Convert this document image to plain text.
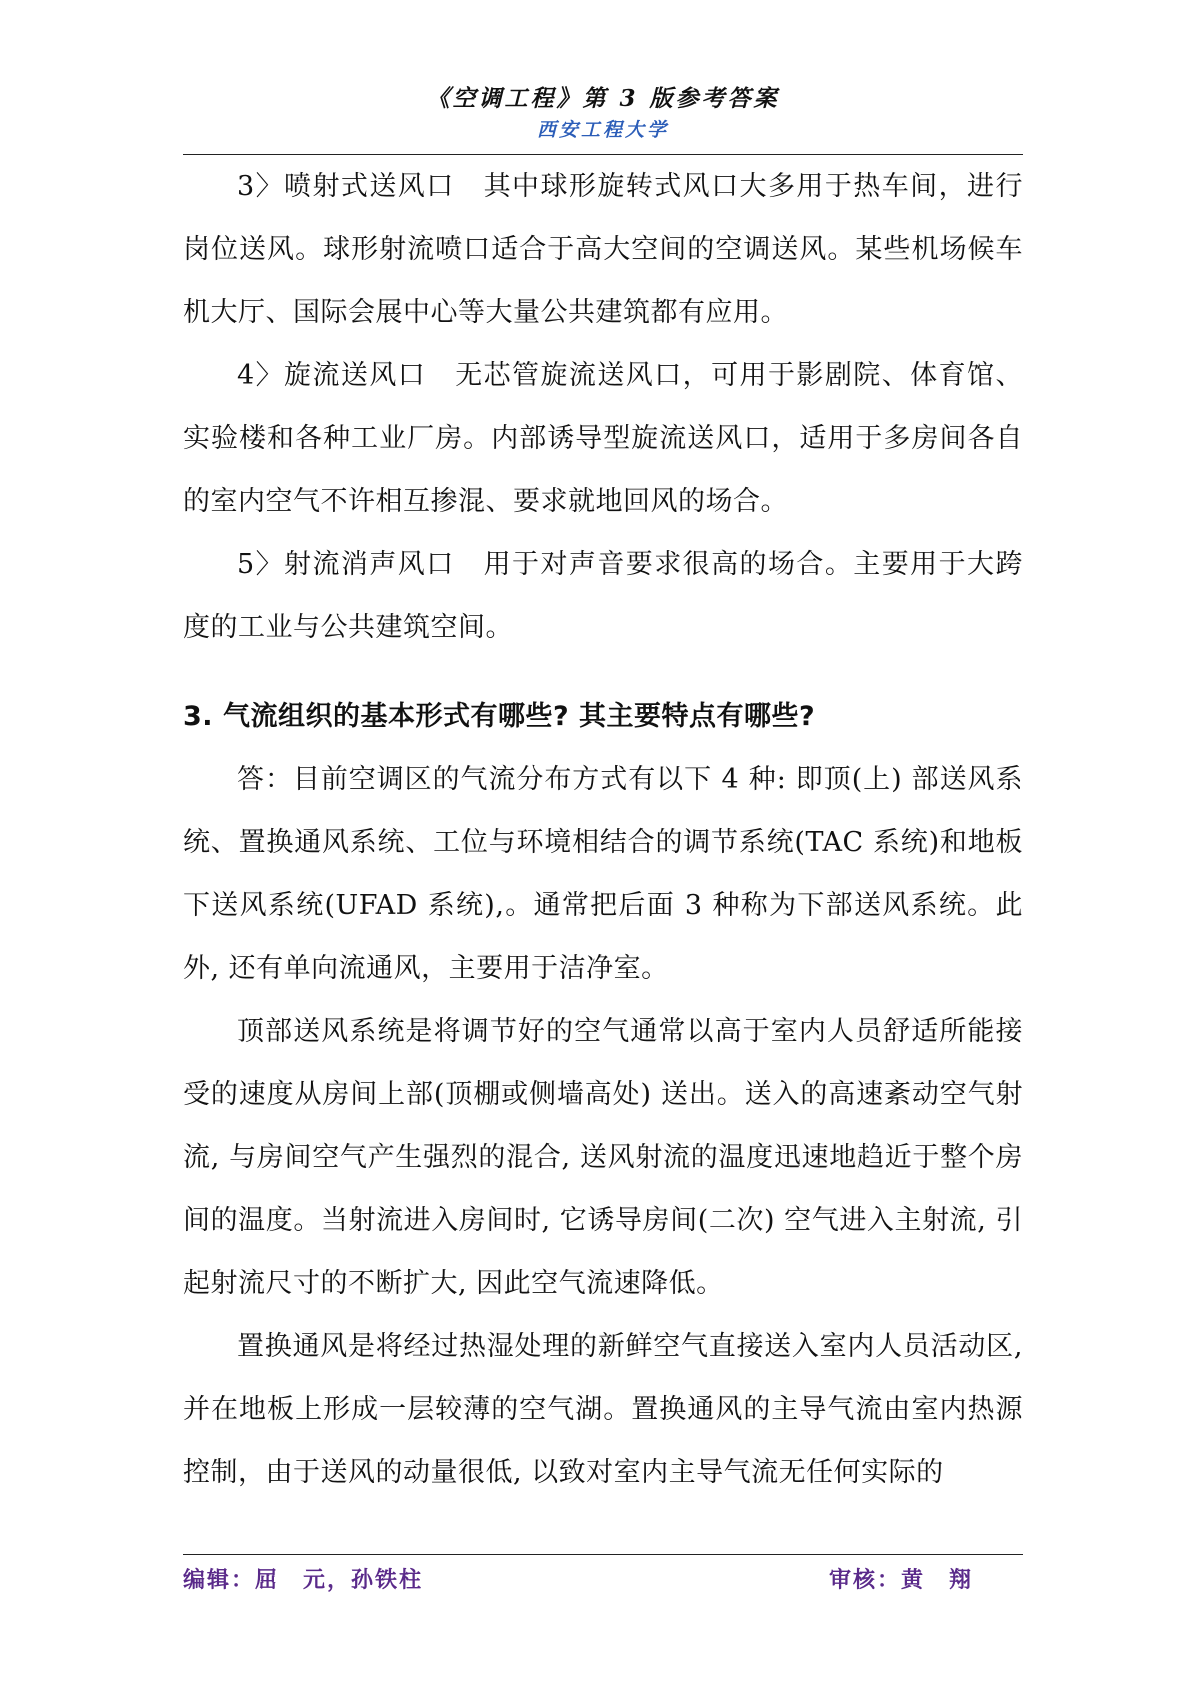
《空调工程》第 3 版参考答案
西安工程大学

3〉喷射式送风口 其中球形旋转式风口大多用于热车间，进行岗位送风。球形射流喷口适合于高大空间的空调送风。某些机场候车机大厅、国际会展中心等大量公共建筑都有应用。

4〉旋流送风口 无芯管旋流送风口，可用于影剧院、体育馆、实验楼和各种工业厂房。内部诱导型旋流送风口，适用于多房间各自的室内空气不许相互掺混、要求就地回风的场合。

5〉射流消声风口 用于对声音要求很高的场合。主要用于大跨度的工业与公共建筑空间。

3. 气流组织的基本形式有哪些? 其主要特点有哪些?

答：目前空调区的气流分布方式有以下 4 种: 即顶(上) 部送风系统、置换通风系统、工位与环境相结合的调节系统(TAC 系统)和地板下送风系统(UFAD 系统),。通常把后面 3 种称为下部送风系统。此外, 还有单向流通风，主要用于洁净室。

顶部送风系统是将调节好的空气通常以高于室内人员舒适所能接受的速度从房间上部(顶棚或侧墙高处) 送出。送入的高速紊动空气射流, 与房间空气产生强烈的混合, 送风射流的温度迅速地趋近于整个房间的温度。当射流进入房间时, 它诱导房间(二次) 空气进入主射流, 引起射流尺寸的不断扩大, 因此空气流速降低。

置换通风是将经过热湿处理的新鲜空气直接送入室内人员活动区, 并在地板上形成一层较薄的空气湖。置换通风的主导气流由室内热源控制，由于送风的动量很低, 以致对室内主导气流无任何实际的

编辑：屈　元，孙铁柱	审核：黄　翔
